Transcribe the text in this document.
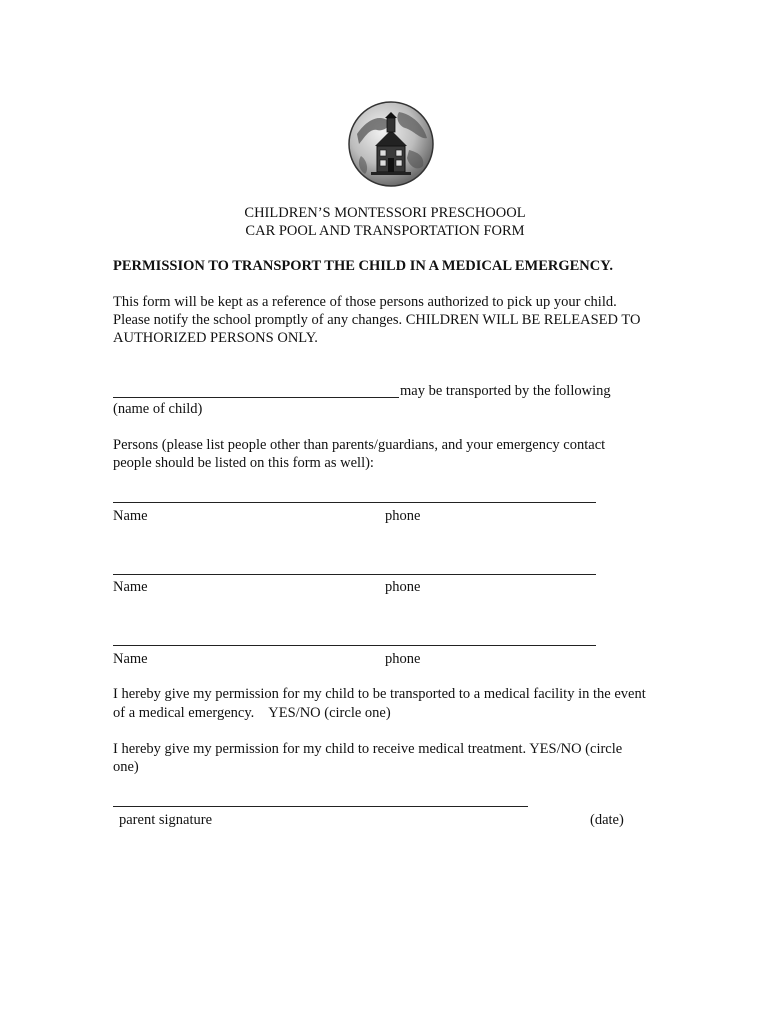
CHILDREN’S MONTESSORI PRESCHOOOL
CAR POOL AND TRANSPORTATION FORM
PERMISSION TO TRANSPORT THE CHILD IN A MEDICAL EMERGENCY.
This form will be kept as a reference of those persons authorized to pick up your child.
Please notify the school promptly of any changes. CHILDREN WILL BE RELEASED TO
AUTHORIZED PERSONS ONLY.
may be transported by the following
(name of child)
Persons (please list people other than parents/guardians, and your emergency contact
people should be listed on this form as well):
Name	phone
Name	phone
Name	phone
I hereby give my permission for my child to be transported to a medical facility in the event
of a medical emergency.    YES/NO (circle one)
I hereby give my permission for my child to receive medical treatment. YES/NO (circle
one)
parent signature	(date)
